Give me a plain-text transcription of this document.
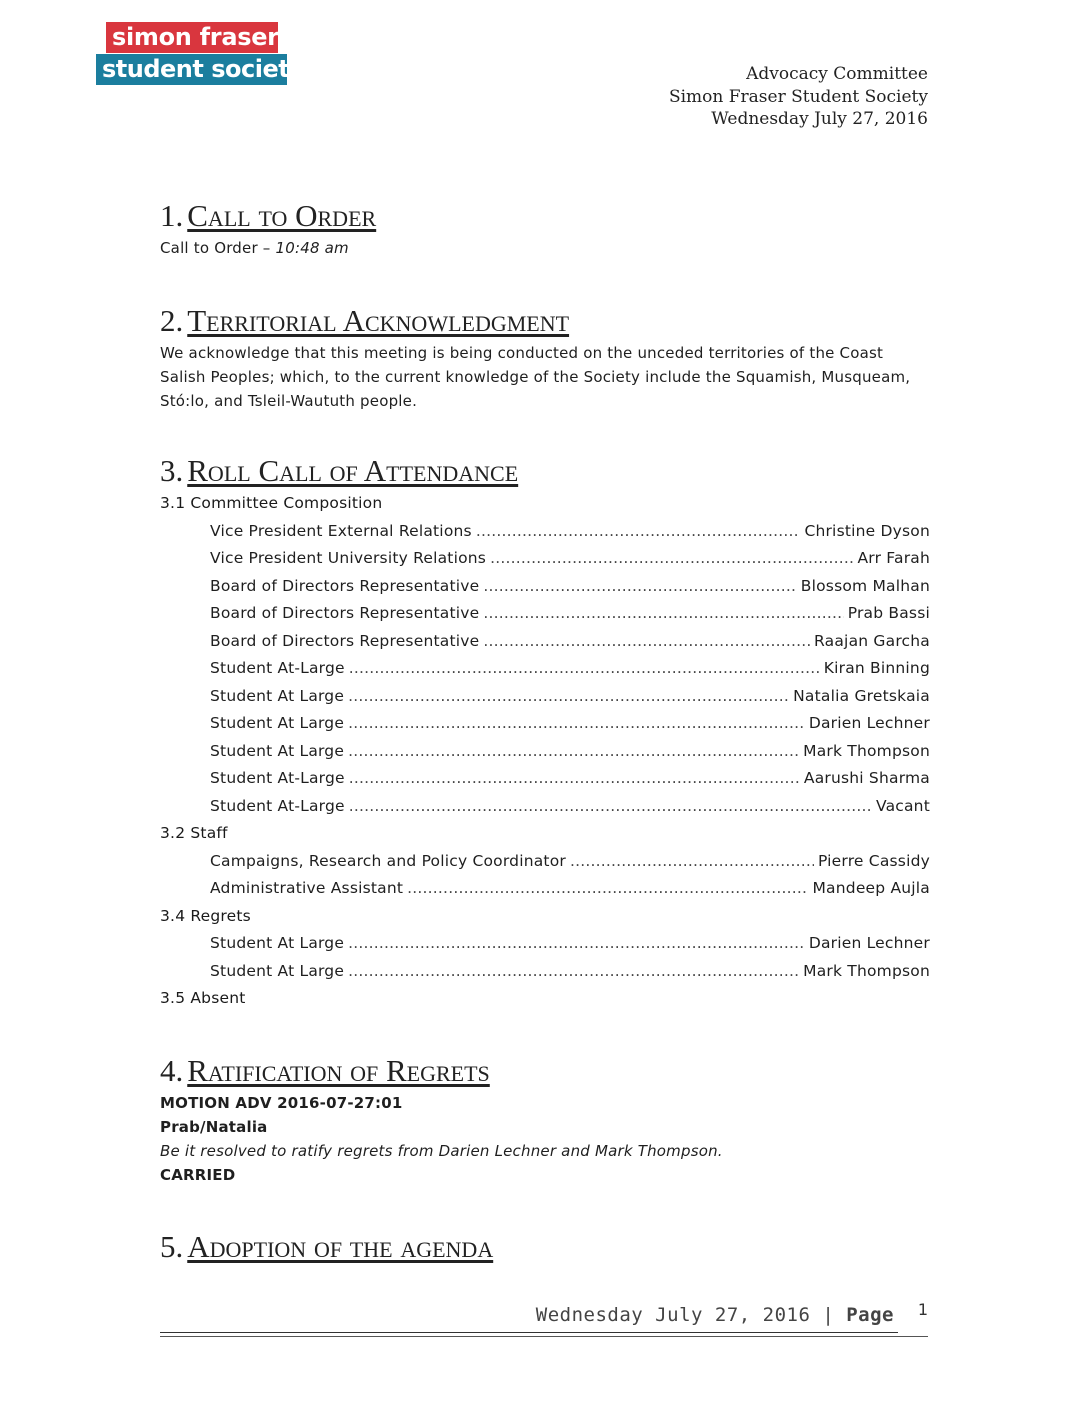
simon fraser
student society	Advocacy Committee
Simon Fraser Student Society
Wednesday July 27, 2016
1. Call to Order
Call to Order – 10:48 am
2. Territorial Acknowledgment
We acknowledge that this meeting is being conducted on the unceded territories of the Coast
Salish Peoples; which, to the current knowledge of the Society include the Squamish, Musqueam,
Stó:lo, and Tsleil-Waututh people.
3. Roll Call of Attendance
3.1 Committee Composition
Vice President External Relations .....	Christine Dyson
Vice President University Relations .....	Arr Farah
Board of Directors Representative .....	Blossom Malhan
Board of Directors Representative .....	Prab Bassi
Board of Directors Representative .....	Raajan Garcha
Student At-Large .....	Kiran Binning
Student At Large .....	Natalia Gretskaia
Student At Large .....	Darien Lechner
Student At Large .....	Mark Thompson
Student At-Large .....	Aarushi Sharma
Student At-Large .....	Vacant
3.2 Staff
Campaigns, Research and Policy Coordinator .....	Pierre Cassidy
Administrative Assistant .....	Mandeep Aujla
3.4 Regrets
Student At Large .....	Darien Lechner
Student At Large .....	Mark Thompson
3.5 Absent
4. Ratification of Regrets
MOTION ADV 2016-07-27:01
Prab/Natalia
Be it resolved to ratify regrets from Darien Lechner and Mark Thompson.
CARRIED
5. Adoption of the agenda
Wednesday July 27, 2016 | Page 1
